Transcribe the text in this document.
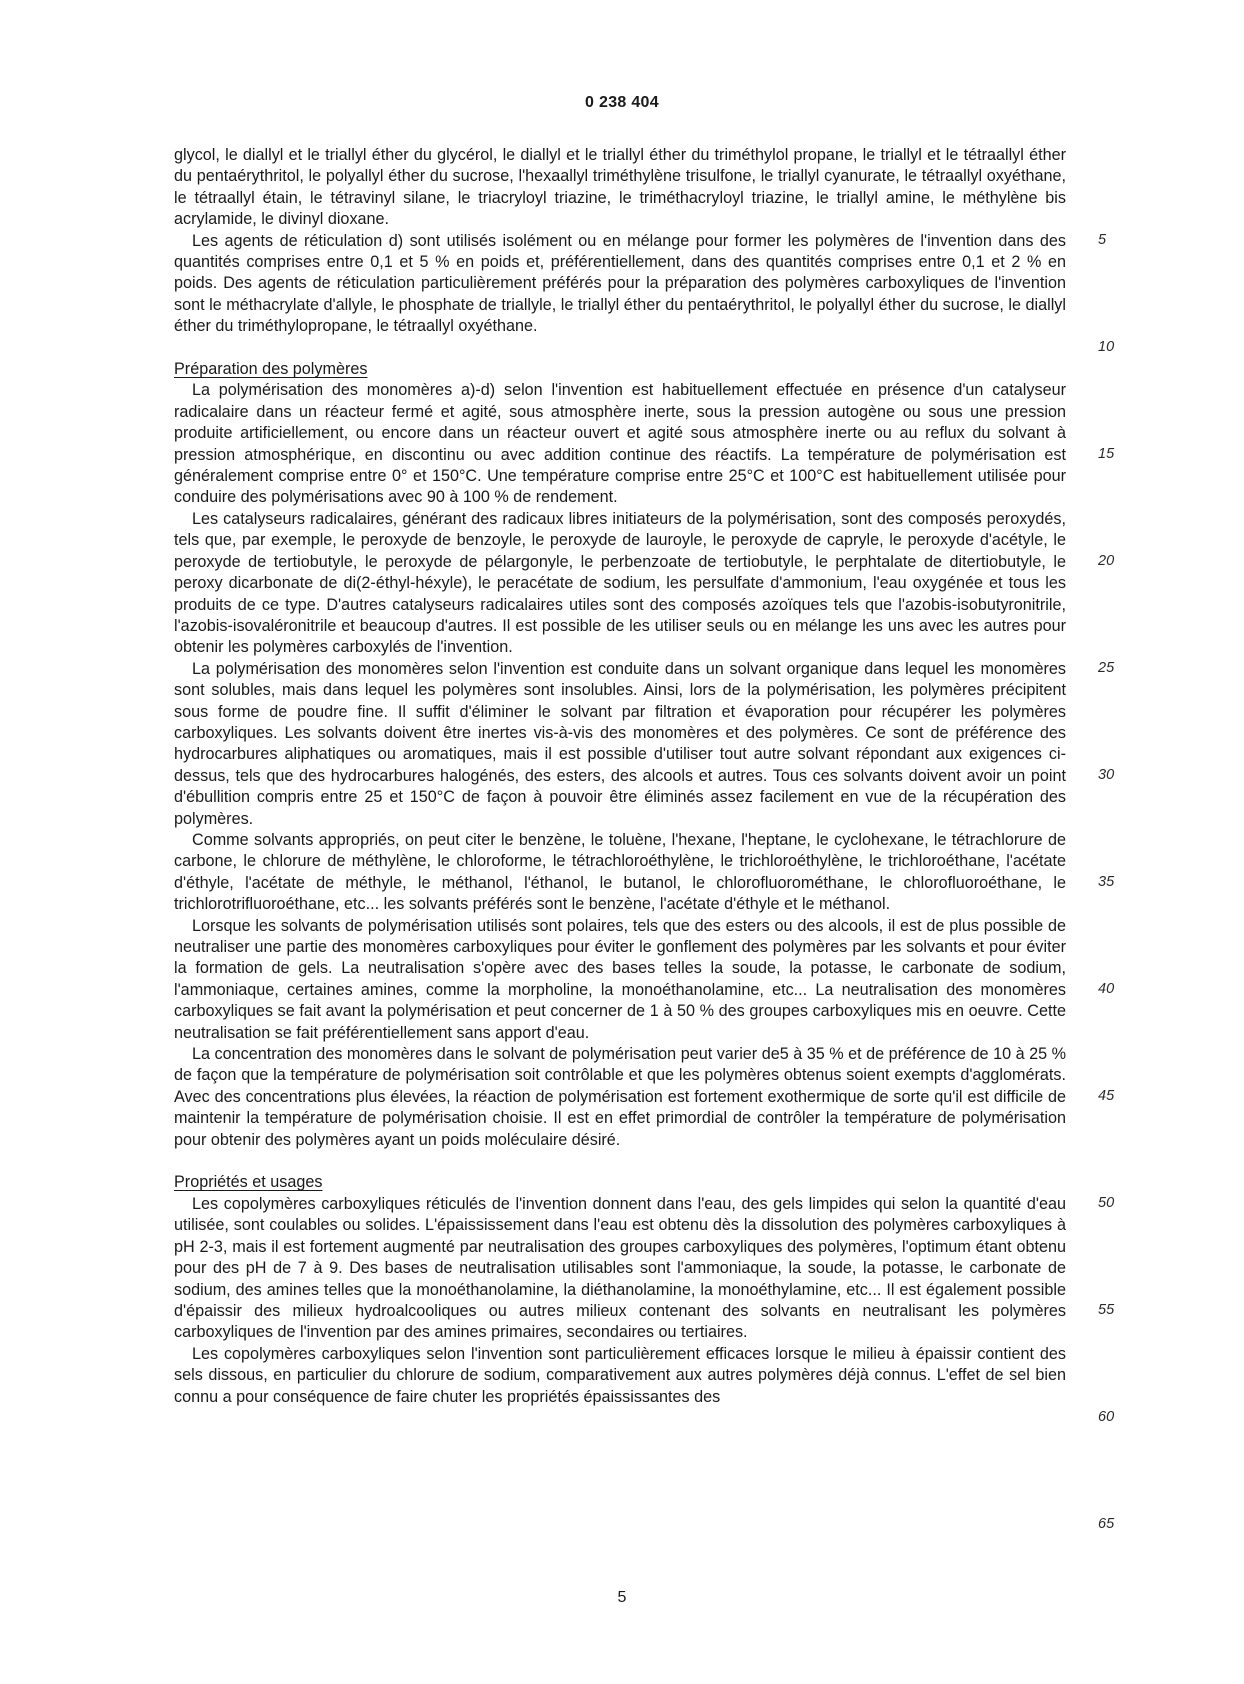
0 238 404

glycol, le diallyl et le triallyl éther du glycérol, le diallyl et le triallyl éther du triméthylol propane, le triallyl et le tétraallyl éther du pentaérythritol, le polyallyl éther du sucrose, l'hexaallyl triméthylène trisulfone, le triallyl cyanurate, le tétraallyl oxyéthane, le tétraallyl étain, le tétravinyl silane, le triacryloyl triazine, le triméthacryloyl triazine, le triallyl amine, le méthylène bis acrylamide, le divinyl dioxane.

Les agents de réticulation d) sont utilisés isolément ou en mélange pour former les polymères de l'invention dans des quantités comprises entre 0,1 et 5 % en poids et, préférentiellement, dans des quantités comprises entre 0,1 et 2 % en poids. Des agents de réticulation particulièrement préférés pour la préparation des polymères carboxyliques de l'invention sont le méthacrylate d'allyle, le phosphate de triallyle, le triallyl éther du pentaérythritol, le polyallyl éther du sucrose, le diallyl éther du triméthylopropane, le tétraallyl oxyéthane.

Préparation des polymères

La polymérisation des monomères a)-d) selon l'invention est habituellement effectuée en présence d'un catalyseur radicalaire dans un réacteur fermé et agité, sous atmosphère inerte, sous la pression autogène ou sous une pression produite artificiellement, ou encore dans un réacteur ouvert et agité sous atmosphère inerte ou au reflux du solvant à pression atmosphérique, en discontinu ou avec addition continue des réactifs. La température de polymérisation est généralement comprise entre 0° et 150°C. Une température comprise entre 25°C et 100°C est habituellement utilisée pour conduire des polymérisations avec 90 à 100 % de rendement.

Les catalyseurs radicalaires, générant des radicaux libres initiateurs de la polymérisation, sont des composés peroxydés, tels que, par exemple, le peroxyde de benzoyle, le peroxyde de lauroyle, le peroxyde de capryle, le peroxyde d'acétyle, le peroxyde de tertiobutyle, le peroxyde de pélargonyle, le perbenzoate de tertiobutyle, le perphtalate de ditertiobutyle, le peroxy dicarbonate de di(2-éthyl-héxyle), le peracétate de sodium, les persulfate d'ammonium, l'eau oxygénée et tous les produits de ce type. D'autres catalyseurs radicalaires utiles sont des composés azoïques tels que l'azobis-isobutyronitrile, l'azobis-isovaléronitrile et beaucoup d'autres. Il est possible de les utiliser seuls ou en mélange les uns avec les autres pour obtenir les polymères carboxylés de l'invention.

La polymérisation des monomères selon l'invention est conduite dans un solvant organique dans lequel les monomères sont solubles, mais dans lequel les polymères sont insolubles. Ainsi, lors de la polymérisation, les polymères précipitent sous forme de poudre fine. Il suffit d'éliminer le solvant par filtration et évaporation pour récupérer les polymères carboxyliques. Les solvants doivent être inertes vis-à-vis des monomères et des polymères. Ce sont de préférence des hydrocarbures aliphatiques ou aromatiques, mais il est possible d'utiliser tout autre solvant répondant aux exigences ci-dessus, tels que des hydrocarbures halogénés, des esters, des alcools et autres. Tous ces solvants doivent avoir un point d'ébullition compris entre 25 et 150°C de façon à pouvoir être éliminés assez facilement en vue de la récupération des polymères.

Comme solvants appropriés, on peut citer le benzène, le toluène, l'hexane, l'heptane, le cyclohexane, le tétrachlorure de carbone, le chlorure de méthylène, le chloroforme, le tétrachloroéthylène, le trichloroéthylène, le trichloroéthane, l'acétate d'éthyle, l'acétate de méthyle, le méthanol, l'éthanol, le butanol, le chlorofluorométhane, le chlorofluoroéthane, le trichlorotrifluoroéthane, etc... les solvants préférés sont le benzène, l'acétate d'éthyle et le méthanol.

Lorsque les solvants de polymérisation utilisés sont polaires, tels que des esters ou des alcools, il est de plus possible de neutraliser une partie des monomères carboxyliques pour éviter le gonflement des polymères par les solvants et pour éviter la formation de gels. La neutralisation s'opère avec des bases telles la soude, la potasse, le carbonate de sodium, l'ammoniaque, certaines amines, comme la morpholine, la monoéthanolamine, etc... La neutralisation des monomères carboxyliques se fait avant la polymérisation et peut concerner de 1 à 50 % des groupes carboxyliques mis en oeuvre. Cette neutralisation se fait préférentiellement sans apport d'eau.

La concentration des monomères dans le solvant de polymérisation peut varier de5 à 35 % et de préférence de 10 à 25 % de façon que la température de polymérisation soit contrôlable et que les polymères obtenus soient exempts d'agglomérats. Avec des concentrations plus élevées, la réaction de polymérisation est fortement exothermique de sorte qu'il est difficile de maintenir la température de polymérisation choisie. Il est en effet primordial de contrôler la température de polymérisation pour obtenir des polymères ayant un poids moléculaire désiré.

Propriétés et usages

Les copolymères carboxyliques réticulés de l'invention donnent dans l'eau, des gels limpides qui selon la quantité d'eau utilisée, sont coulables ou solides. L'épaississement dans l'eau est obtenu dès la dissolution des polymères carboxyliques à pH 2-3, mais il est fortement augmenté par neutralisation des groupes carboxyliques des polymères, l'optimum étant obtenu pour des pH de 7 à 9. Des bases de neutralisation utilisables sont l'ammoniaque, la soude, la potasse, le carbonate de sodium, des amines telles que la monoéthanolamine, la diéthanolamine, la monoéthylamine, etc... Il est également possible d'épaissir des milieux hydroalcooliques ou autres milieux contenant des solvants en neutralisant les polymères carboxyliques de l'invention par des amines primaires, secondaires ou tertiaires.

Les copolymères carboxyliques selon l'invention sont particulièrement efficaces lorsque le milieu à épaissir contient des sels dissous, en particulier du chlorure de sodium, comparativement aux autres polymères déjà connus. L'effet de sel bien connu a pour conséquence de faire chuter les propriétés épaississantes des

5
10
15
20
25
30
35
40
45
50
55
60
65
5
